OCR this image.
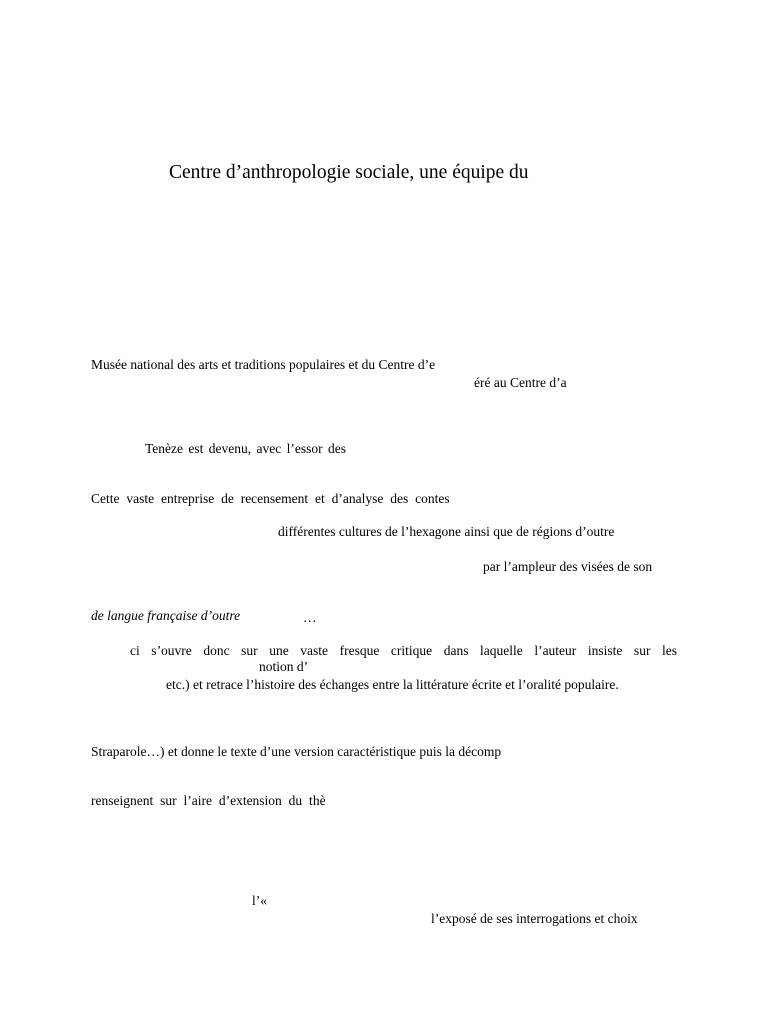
Centre d’anthropologie sociale, une équipe du
Musée national des arts et traditions populaires et du Centre d’e
éré au Centre d’a
Tenèze est devenu, avec l’essor des
Cette vaste entreprise de recensement et d’analyse des contes
différentes cultures de l’hexagone ainsi que de régions d’outre
par l’ampleur des visées de son
de langue française d’outre	…
ci s’ouvre donc sur une vaste fresque critique dans laquelle l’auteur insiste sur les
notion d’
etc.) et retrace l’histoire des échanges entre la littérature écrite et l’oralité populaire.
Straparole…) et donne le texte d’une version caractéristique puis la décomp
renseignent sur l’aire d’extension du thè
l’«
l’exposé de ses interrogations et choix
